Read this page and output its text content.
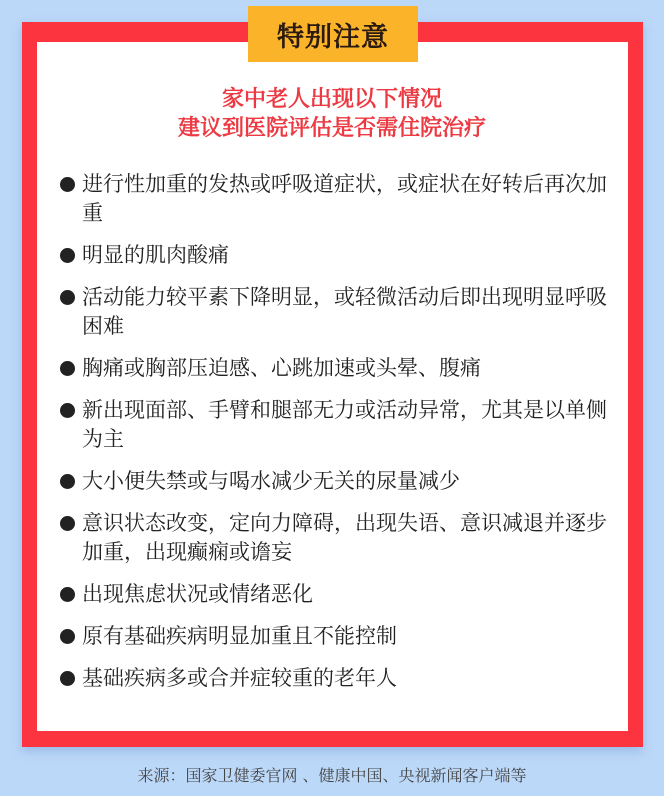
特别注意
家中老人出现以下情况
建议到医院评估是否需住院治疗
进行性加重的发热或呼吸道症状，或症状在好转后再次加重
明显的肌肉酸痛
活动能力较平素下降明显，或轻微活动后即出现明显呼吸困难
胸痛或胸部压迫感、心跳加速或头晕、腹痛
新出现面部、手臂和腿部无力或活动异常，尤其是以单侧为主
大小便失禁或与喝水减少无关的尿量减少
意识状态改变，定向力障碍，出现失语、意识减退并逐步加重，出现癫痫或谵妄
出现焦虑状况或情绪恶化
原有基础疾病明显加重且不能控制
基础疾病多或合并症较重的老年人
来源：国家卫健委官网 、健康中国、央视新闻客户端等
